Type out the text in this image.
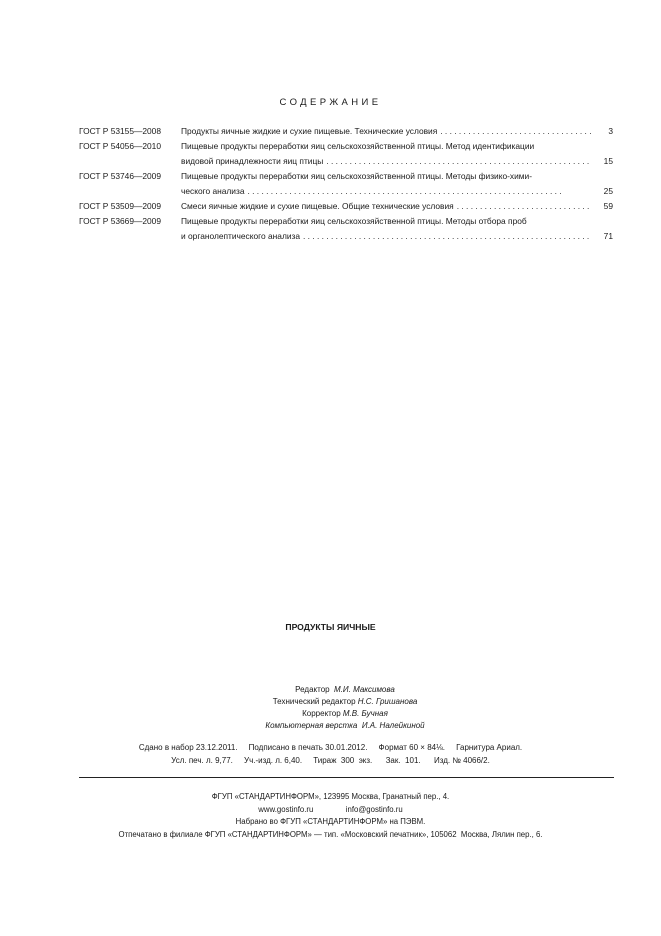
СОДЕРЖАНИЕ
ГОСТ Р 53155—2008	Продукты яичные жидкие и сухие пищевые. Технические условия . . .	3
ГОСТ Р 54056—2010	Пищевые продукты переработки яиц сельскохозяйственной птицы. Метод идентификации
видовой принадлежности яиц птицы . . .	15
ГОСТ Р 53746—2009	Пищевые продукты переработки яиц сельскохозяйственной птицы. Методы физико-хими-
ческого анализа . . .	25
ГОСТ Р 53509—2009	Смеси яичные жидкие и сухие пищевые. Общие технические условия . . .	59
ГОСТ Р 53669—2009	Пищевые продукты переработки яиц сельскохозяйственной птицы. Методы отбора проб
и органолептического анализа . . .	71
ПРОДУКТЫ ЯИЧНЫЕ
Редактор М.И. Максимова
Технический редактор Н.С. Гришанова
Корректор М.В. Бучная
Компьютерная верстка И.А. Налейкиной
Сдано в набор 23.12.2011.     Подписано в печать 30.01.2012.     Формат 60 × 84⅛.     Гарнитура Ариал.
Усл. печ. л. 9,77.     Уч.-изд. л. 6,40.     Тираж  300  экз.      Зак.  101.      Изд. № 4066/2.
ФГУП «СТАНДАРТИНФОРМ», 123995 Москва, Гранатный пер., 4.
www.gostinfo.ru               info@gostinfo.ru
Набрано во ФГУП «СТАНДАРТИНФОРМ» на ПЭВМ.
Отпечатано в филиале ФГУП «СТАНДАРТИНФОРМ» — тип. «Московский печатник», 105062  Москва, Лялин пер., 6.
